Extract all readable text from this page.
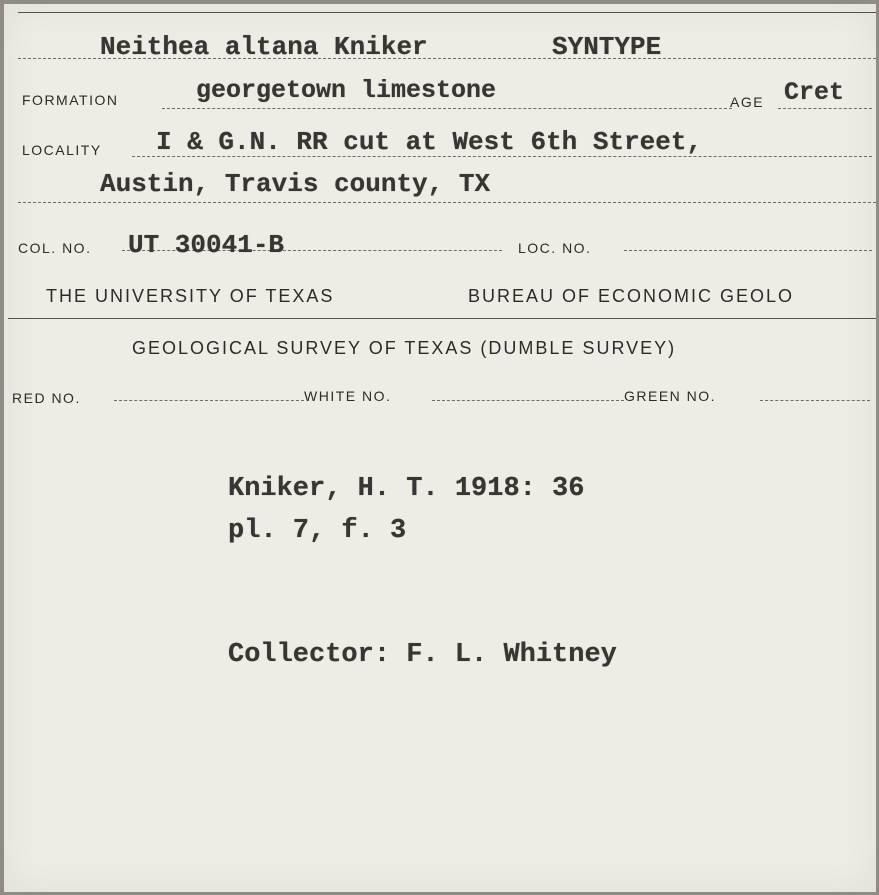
Neithea altana Kniker	SYNTYPE
FORMATION	georgetown limestone	AGE Cret
LOCALITY I & G.N. RR cut at West 6th Street,
Austin, Travis county, TX
COL. NO. UT 30041-B	LOC. NO.
THE UNIVERSITY OF TEXAS	BUREAU OF ECONOMIC GEOLO
GEOLOGICAL SURVEY OF TEXAS (DUMBLE SURVEY)
RED NO.	WHITE NO.	GREEN NO.
Kniker, H. T. 1918: 36
pl. 7, f. 3
Collector: F. L. Whitney
